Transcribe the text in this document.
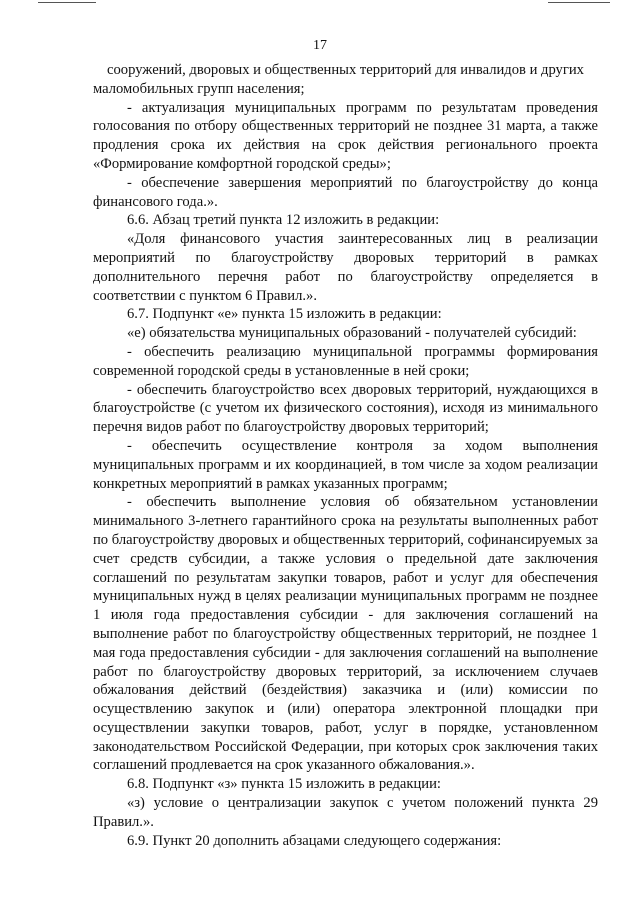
17

сооружений, дворовых и общественных территорий для инвалидов и других маломобильных групп населения;

- актуализация муниципальных программ по результатам проведения голосования по отбору общественных территорий не позднее 31 марта, а также продления срока их действия на срок действия регионального проекта «Формирование комфортной городской среды»;

- обеспечение завершения мероприятий по благоустройству до конца финансового года.».

6.6. Абзац третий пункта 12 изложить в редакции:

«Доля финансового участия заинтересованных лиц в реализации мероприятий по благоустройству дворовых территорий в рамках дополнительного перечня работ по благоустройству определяется в соответствии с пунктом 6 Правил.».

6.7. Подпункт «е» пункта 15 изложить в редакции:

«е) обязательства муниципальных образований - получателей субсидий:

- обеспечить реализацию муниципальной программы формирования современной городской среды в установленные в ней сроки;

- обеспечить благоустройство всех дворовых территорий, нуждающихся в благоустройстве (с учетом их физического состояния), исходя из минимального перечня видов работ по благоустройству дворовых территорий;

- обеспечить осуществление контроля за ходом выполнения муниципальных программ и их координацией, в том числе за ходом реализации конкретных мероприятий в рамках указанных программ;

- обеспечить выполнение условия об обязательном установлении минимального 3-летнего гарантийного срока на результаты выполненных работ по благоустройству дворовых и общественных территорий, софинансируемых за счет средств субсидии, а также условия о предельной дате заключения соглашений по результатам закупки товаров, работ и услуг для обеспечения муниципальных нужд в целях реализации муниципальных программ не позднее 1 июля года предоставления субсидии - для заключения соглашений на выполнение работ по благоустройству общественных территорий, не позднее 1 мая года предоставления субсидии - для заключения соглашений на выполнение работ по благоустройству дворовых территорий, за исключением случаев обжалования действий (бездействия) заказчика и (или) комиссии по осуществлению закупок и (или) оператора электронной площадки при осуществлении закупки товаров, работ, услуг в порядке, установленном законодательством Российской Федерации, при которых срок заключения таких соглашений продлевается на срок указанного обжалования.».

6.8. Подпункт «з» пункта 15 изложить в редакции:

«з) условие о централизации закупок с учетом положений пункта 29 Правил.».

6.9. Пункт 20 дополнить абзацами следующего содержания:
